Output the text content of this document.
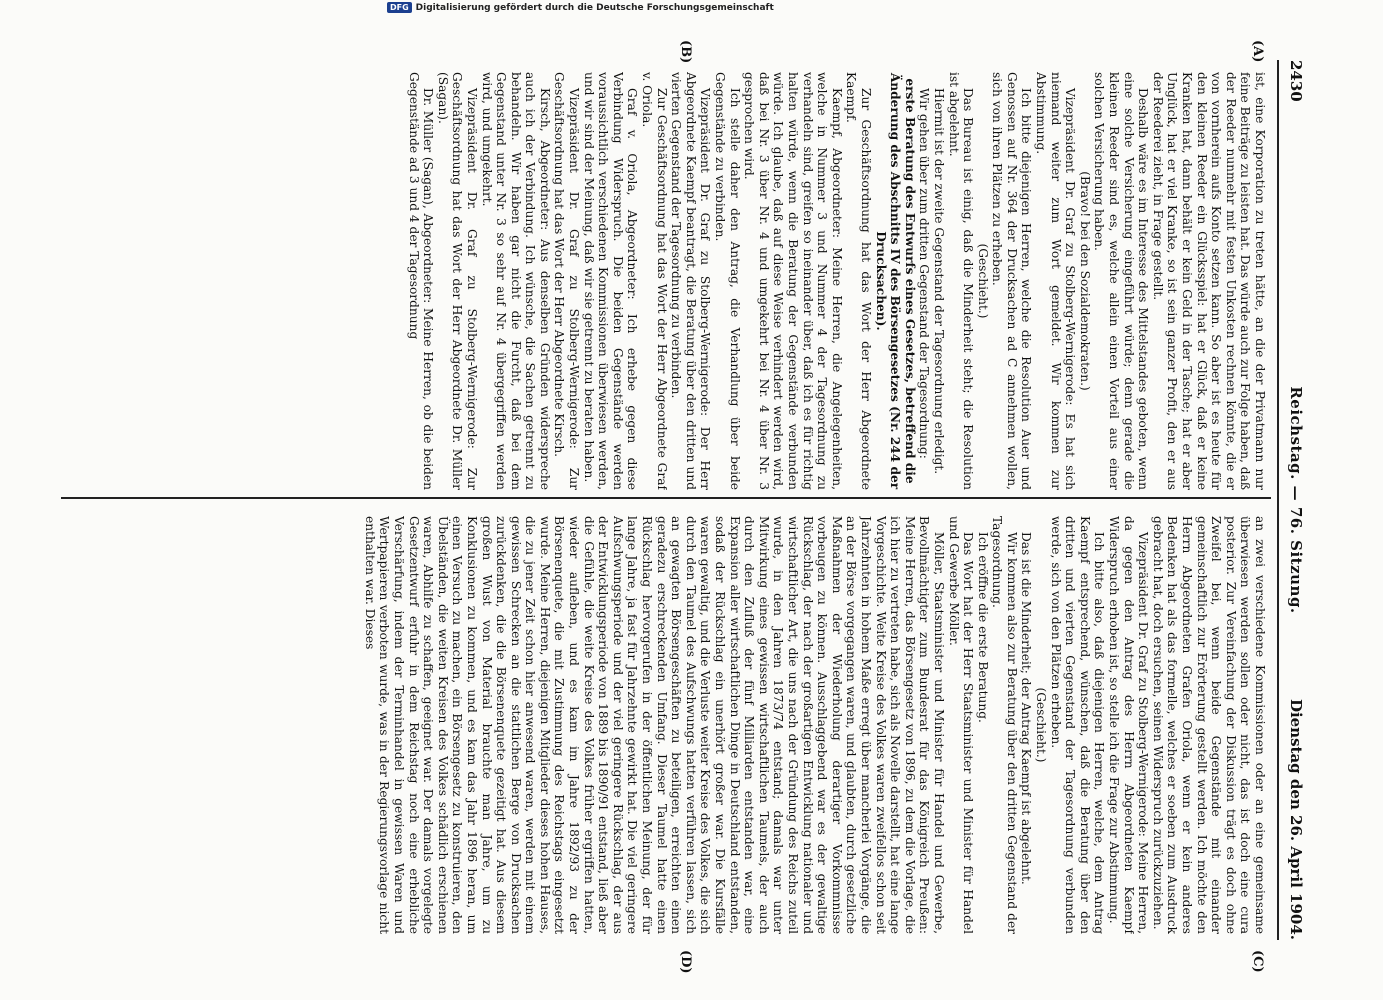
2430
Reichstag. — 76. Sitzung.
Dienstag den 26. April 1904.
(A)
(B)
(C)
(D)

ist, eine Korporation zu treten hätte, an die der Privatmann nur feine Beiträge zu leisten hat. Das würde auch zur Folge haben, daß der Reeder nunmehr mit festen Unkosten rechnen könnte, die er von vornherein aufs Konto setzen kann. So aber ist es heute für den kleinen Reeder ein Glücksspiel: hat er Glück, daß er keine Kranken hat, dann behält er kein Geld in der Tasche; hat er aber Unglück, hat er viel Kranke, so ist sein ganzer Profit, den er aus der Reederei zieht, in Frage gestellt.

Deshalb wäre es im Interesse des Mittelstandes geboten, wenn eine solche Versicherung eingeführt würde; denn gerade die kleinen Reeder sind es, welche allein einen Vorteil aus einer solchen Versicherung haben.

(Bravo! bei den Sozialdemokraten.)

Vizepräsident Dr. Graf zu Stolberg-Wernigerode: Es hat sich niemand weiter zum Wort gemeldet. Wir kommen zur Abstimmung.

Ich bitte diejenigen Herren, welche die Resolution Auer und Genossen auf Nr. 364 der Drucksachen ad C annehmen wollen, sich von ihren Plätzen zu erheben.

(Geschieht.)

Das Bureau ist einig, daß die Minderheit steht; die Resolution ist abgelehnt.

Hiermit ist der zweite Gegenstand der Tagesordnung erledigt.

Wir gehen über zum dritten Gegenstand der Tagesordnung:

erste Beratung des Entwurfs eines Gesetzes, betreffend die Änderung des Abschnitts IV des Börsengesetzes (Nr. 244 der Drucksachen).

Zur Geschäftsordnung hat das Wort der Herr Abgeordnete Kaempf.

Kaempf, Abgeordneter: Meine Herren, die Angelegenheiten, welche in Nummer 3 und Nummer 4 der Tagesordnung zu verhandeln sind, greifen so ineinander über, daß ich es für richtig halten würde, wenn die Beratung der Gegenstände verbunden würde. Ich glaube, daß auf diese Weise verhindert werden wird, daß bei Nr. 3 über Nr. 4 und umgekehrt bei Nr. 4 über Nr. 3 gesprochen wird.

Ich stelle daher den Antrag, die Verhandlung über beide Gegenstände zu verbinden.

Vizepräsident Dr. Graf zu Stolberg-Wernigerode: Der Herr Abgeordnete Kaempf beantragt, die Beratung über den dritten und vierten Gegenstand der Tagesordnung zu verbinden.

Zur Geschäftsordnung hat das Wort der Herr Abgeordnete Graf v. Oriola.

Graf v. Oriola, Abgeordneter: Ich erhebe gegen diese Verbindung Widerspruch. Die beiden Gegenstände werden voraussichtlich verschiedenen Kommissionen überwiesen werden, und wir sind der Meinung, daß wir sie getrennt zu beraten haben.

Vizepräsident Dr. Graf zu Stolberg-Wernigerode: Zur Geschäftsordnung hat das Wort der Herr Abgeordnete Kirsch.

Kirsch, Abgeordneter: Aus denselben Gründen widerspreche auch ich der Verbindung. Ich wünsche, die Sachen getrennt zu behandeln. Wir haben gar nicht die Furcht, daß bei dem Gegenstand unter Nr. 3 so sehr auf Nr. 4 übergegriffen werden wird, und umgekehrt.

Vizepräsident Dr. Graf zu Stolberg-Wernigerode: Zur Geschäftsordnung hat das Wort der Herr Abgeordnete Dr. Müller (Sagan).

Dr. Müller (Sagan), Abgeordneter: Meine Herren, ob die beiden Gegenstände ad 3 und 4 der Tagesordnung

an zwei verschiedene Kommissionen oder an eine gemeinsame überwiesen werden sollen oder nicht, das ist doch eine cura posterior. Zur Vereinfachung der Diskussion trägt es doch ohne Zweifel bei, wenn beide Gegenstände mit einander gemeinschaftlich zur Erörterung gestellt werden. Ich möchte den Herrn Abgeordneten Grafen Oriola, wenn er kein anderes Bedenken hat als das formelle, welches er soeben zum Ausdruck gebracht hat, doch ersuchen, seinen Widerspruch zurückzuziehen.

Vizepräsident Dr. Graf zu Stolberg-Wernigerode: Meine Herren, da gegen den Antrag des Herrn Abgeordneten Kaempf Widerspruch erhoben ist, so stelle ich die Frage zur Abstimmung.

Ich bitte also, daß diejenigen Herren, welche, dem Antrag Kaempf entsprechend, wünschen, daß die Beratung über den dritten und vierten Gegenstand der Tagesordnung verbunden werde, sich von den Plätzen erheben.

(Geschieht.)

Das ist die Minderheit; der Antrag Kaempf ist abgelehnt.

Wir kommen also zur Beratung über den dritten Gegenstand der Tagesordnung.

Ich eröffne die erste Beratung.

Das Wort hat der Herr Staatsminister und Minister für Handel und Gewerbe Möller.

Möller, Staatsminister und Minister für Handel und Gewerbe, Bevollmächtigter zum Bundesrat für das Königreich Preußen: Meine Herren, das Börsengesetz von 1896, zu dem die Vorlage, die ich hier zu vertreten habe, sich als Novelle darstellt, hat eine lange Vorgeschichte. Weite Kreise des Volkes waren zweifellos schon seit Jahrzehnten in hohem Maße erregt über mancherlei Vorgänge, die an der Börse vorgegangen waren, und glaubten, durch gesetzliche Maßnahmen der Wiederholung derartiger Vorkommnisse vorbeugen zu können. Ausschlaggebend war es der gewaltige Rückschlag, der nach der großartigen Entwicklung nationaler und wirtschaftlicher Art, die uns nach der Gründung des Reichs zuteil wurde, in den Jahren 1873/74 entstand; damals war unter Mitwirkung eines gewissen wirtschaftlichen Taumels, der auch durch den Zufluß der fünf Milliarden entstanden war, eine Expansion aller wirtschaftlichen Dinge in Deutschland entstanden, sodaß der Rückschlag ein unerhört großer war. Die Kursfälle waren gewaltig, und die Verluste weiter Kreise des Volkes, die sich durch den Taumel des Aufschwungs hatten verführen lassen, sich an gewagten Börsengeschäften zu beteiligen, erreichten einen geradezu erschreckenden Umfang. Dieser Taumel hatte einen Rückschlag hervorgerufen in der öffentlichen Meinung, der für lange Jahre, ja fast für Jahrzehnte gewirkt hat. Die viel geringere Aufschwungsperiode und der viel geringere Rückschlag, der aus der Entwicklungsperiode von 1889 bis 1890/91 entstand, ließ aber die Gefühle, die weite Kreise des Volkes früher ergriffen hatten, wieder aufleben, und es kam im Jahre 1892/93 zu der Börsenenquete, die mit Zustimmung des Reichstags eingesetzt wurde. Meine Herren, diejenigen Mitglieder dieses hohen Hauses, die zu jener Zeit schon hier anwesend waren, werden mit einem gewissen Schrecken an die stattlichen Berge von Drucksachen zurückdenken, die die Börsenenquete gezeitigt hat. Aus diesem großen Wust von Material brauchte man Jahre, um zu Konklusionen zu kommen, und es kam das Jahr 1896 heran, um einen Versuch zu machen, ein Börsengesetz zu konstruieren, den Übelständen, die weiten Kreisen des Volkes schädlich erschienen waren, Abhilfe zu schaffen, geeignet war. Der damals vorgelegte Gesetzentwurf erfuhr in dem Reichstag noch eine erhebliche Verschärfung, indem der Terminhandel in gewissen Waren und Wertpapieren verboten wurde, was in der Regierungsvorlage nicht enthalten war. Dieses

DFG Digitalisierung gefördert durch die Deutsche Forschungsgemeinschaft
